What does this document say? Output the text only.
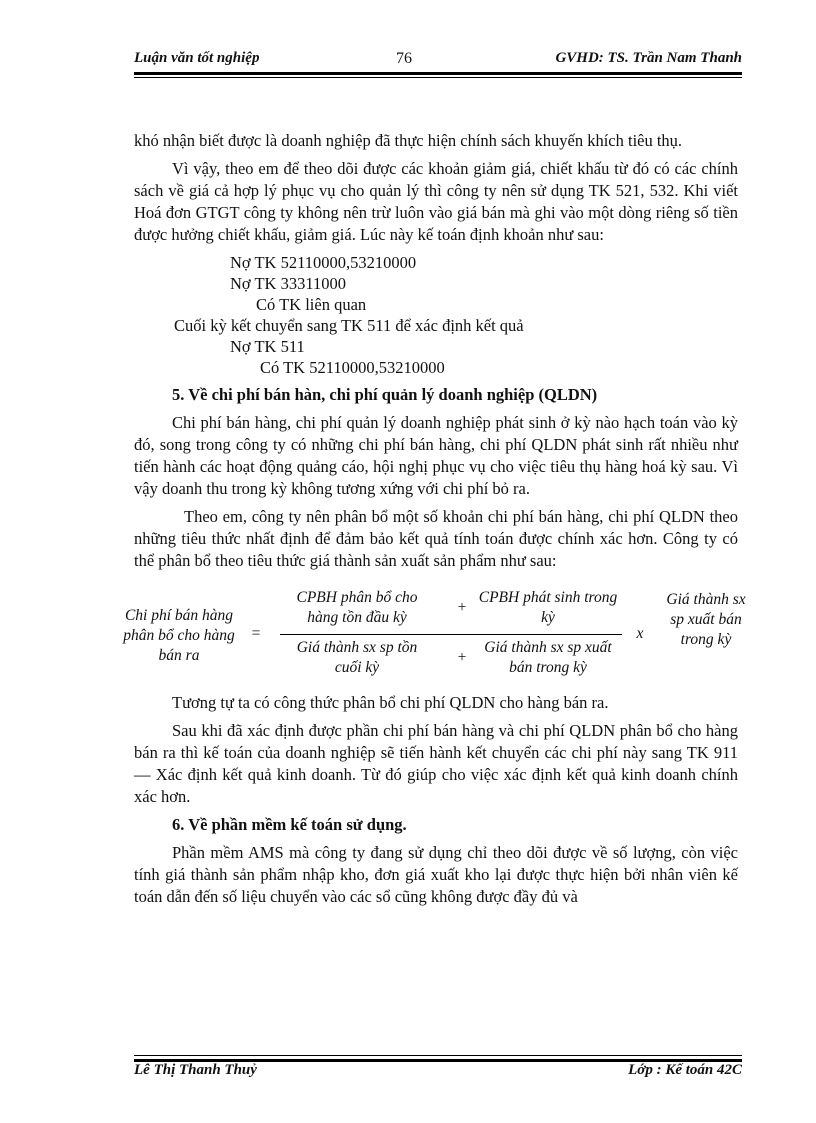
Luận văn tốt nghiệp	76	GVHD: TS. Trần Nam Thanh

khó nhận biết được là doanh nghiệp đã thực hiện chính sách khuyến khích tiêu thụ.

Vì vậy, theo em để theo dõi được các khoản giảm giá, chiết khấu từ đó có các chính sách về giá cả hợp lý phục vụ cho quản lý thì công ty nên sử dụng TK 521, 532. Khi viết Hoá đơn GTGT công ty không nên trừ luôn vào giá bán mà ghi vào một dòng riêng số tiền được hưởng chiết khấu, giảm giá. Lúc này kế toán định khoản như sau:

Nợ TK 52110000,53210000
Nợ TK 33311000
Có TK liên quan
Cuối kỳ kết chuyển sang TK 511 để xác định kết quả
Nợ TK 511
Có TK 52110000,53210000
5. Về chi phí bán hàn, chi phí quản lý doanh nghiệp (QLDN)

Chi phí bán hàng, chi phí quản lý doanh nghiệp phát sinh ở kỳ nào hạch toán vào kỳ đó, song trong công ty có những chi phí bán hàng, chi phí QLDN phát sinh rất nhiều như tiến hành các hoạt động quảng cáo, hội nghị phục vụ cho việc tiêu thụ hàng hoá kỳ sau. Vì vậy doanh thu trong kỳ không tương xứng với chi phí bỏ ra.

Theo em, công ty nên phân bổ một số khoản chi phí bán hàng, chi phí QLDN theo những tiêu thức nhất định để đảm bảo kết quả tính toán được chính xác hơn. Công ty có thể phân bổ theo tiêu thức giá thành sản xuất sản phẩm như sau:

Chi phí bán hàng phân bổ cho hàng bán ra
=
CPBH phân bổ cho hàng tồn đầu kỳ
+
CPBH phát sinh trong kỳ
Giá thành sx sp tồn cuối kỳ
+
Giá thành sx sp xuất bán trong kỳ
x
Giá thành sx sp xuất bán trong kỳ

Tương tự ta có công thức phân bổ chi phí QLDN cho hàng bán ra.

Sau khi đã xác định được phần chi phí bán hàng và chi phí QLDN phân bổ cho hàng bán ra thì kế toán của doanh nghiệp sẽ tiến hành kết chuyển các chi phí này sang TK 911 — Xác định kết quả kinh doanh. Từ đó giúp cho việc xác định kết quả kinh doanh chính xác hơn.

6. Về phần mềm kế toán sử dụng.

Phần mềm AMS mà công ty đang sử dụng chỉ theo dõi được về số lượng, còn việc tính giá thành sản phẩm nhập kho, đơn giá xuất kho lại được thực hiện bởi nhân viên kế toán dẫn đến số liệu chuyển vào các sổ cũng không được đầy đủ và

Lê Thị Thanh Thuỷ	Lớp : Kế toán 42C
